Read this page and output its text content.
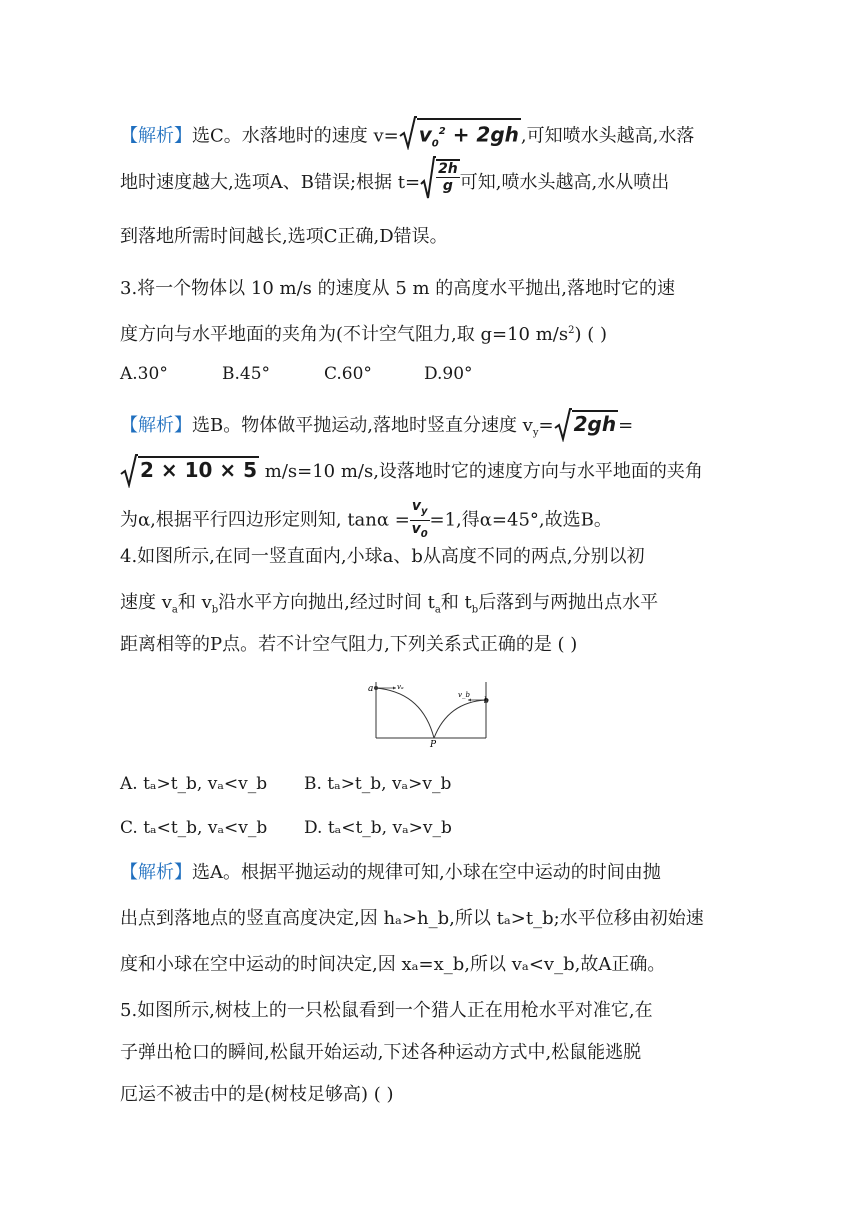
【解析】选C。水落地时的速度 $v= v_0^2 + 2gh$ ,可知喷水头越高,水落
地时速度越大,选项A、B错误;根据 $t= \frac{2h}{g}$ 可知,喷水头越高,水从喷出
到落地所需时间越长,选项C正确,D错误。
3.将一个物体以 10 m/s 的速度从 5 m 的高度水平抛出,落地时它的速
度方向与水平地面的夹角为(不计空气阻力,取 g=10 $m/s^2$) ( )
A.30°	B.45°	C.60°	D.90°
【解析】选B。物体做平抛运动,落地时竖直分速度 $v_y= 2gh$ =
2 × 10 × 5 m/s=10 m/s,设落地时它的速度方向与水平地面的夹角
为α,根据平行四边形定则知, $\tan\alpha = \frac{v_y}{v_0} =1$,得α=45°,故选B。
4.如图所示,在同一竖直面内,小球a、b从高度不同的两点,分别以初
速度 $v_a$和 $v_b$沿水平方向抛出,经过时间 $t_a$和 $t_b$后落到与两抛出点水平
距离相等的P点。若不计空气阻力,下列关系式正确的是 ( )
a
b
P
vₐ
v_b
A. tₐ>t_b, vₐ<v_b B. tₐ>t_b, vₐ>v_b
C. tₐ<t_b, vₐ<v_b D. tₐ<t_b, vₐ>v_b
【解析】选A。根据平抛运动的规律可知,小球在空中运动的时间由抛
出点到落地点的竖直高度决定,因 hₐ>h_b,所以 tₐ>t_b;水平位移由初始速
度和小球在空中运动的时间决定,因 xₐ=x_b,所以 vₐ<v_b,故A正确。
5.如图所示,树枝上的一只松鼠看到一个猎人正在用枪水平对准它,在
子弹出枪口的瞬间,松鼠开始运动,下述各种运动方式中,松鼠能逃脱
厄运不被击中的是(树枝足够高) ( )
